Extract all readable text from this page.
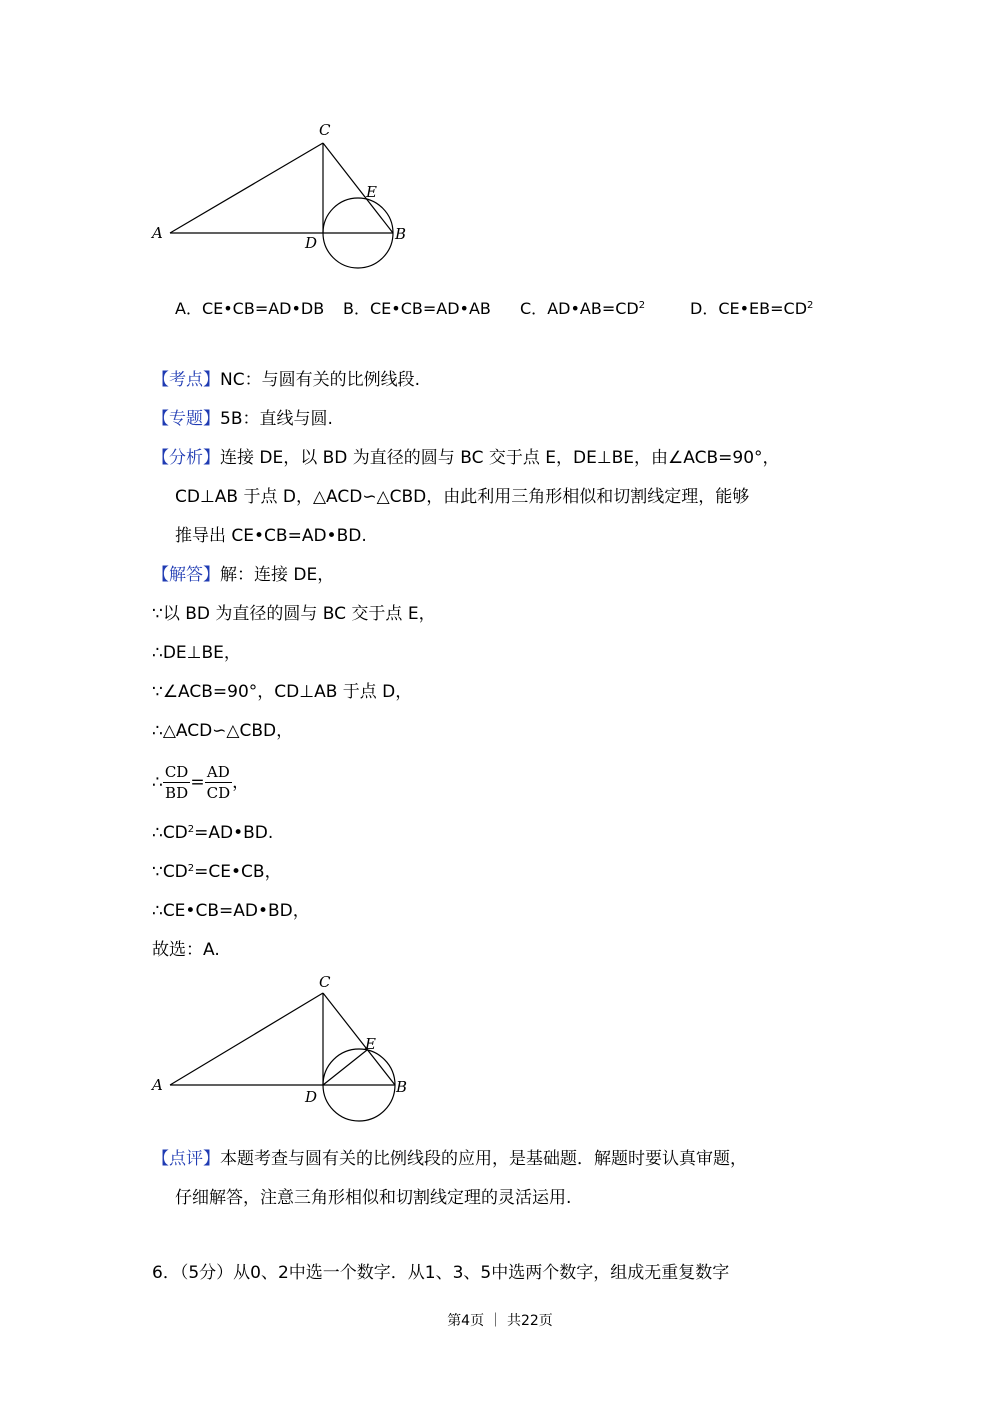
C
E
A
D	B
A．CE•CB=AD•DB B．CE•CB=AD•AB C．$AD•AB=CD^2$	D．$CE•EB=CD^2$
【考点】NC：与圆有关的比例线段.
【专题】5B：直线与圆.
【分析】连接 DE，以 BD 为直径的圆与 BC 交于点 E，DE⊥BE，由∠ACB=90°，
CD⊥AB 于点 D，△ACD∽△CBD，由此利用三角形相似和切割线定理，能够
推导出 CE•CB=AD•BD.
【解答】解：连接 DE，
∵以 BD 为直径的圆与 BC 交于点 E，
∴DE⊥BE，
∵∠ACB=90°，CD⊥AB 于点 D，
∴△ACD∽△CBD，
∴ $\frac{CD}{BD} = \frac{AD}{CD}$ ，
$\therefore CD^2=AD•BD$.
$\because CD^2=CE•CB$，
∴CE•CB=AD•BD，
故选：A.
C
E
A
D
B
【点评】本题考查与圆有关的比例线段的应用，是基础题．解题时要认真审题，
仔细解答，注意三角形相似和切割线定理的灵活运用.
6．（5分）从0、2中选一个数字．从1、3、5中选两个数字，组成无重复数字
第4页 ｜ 共22页
